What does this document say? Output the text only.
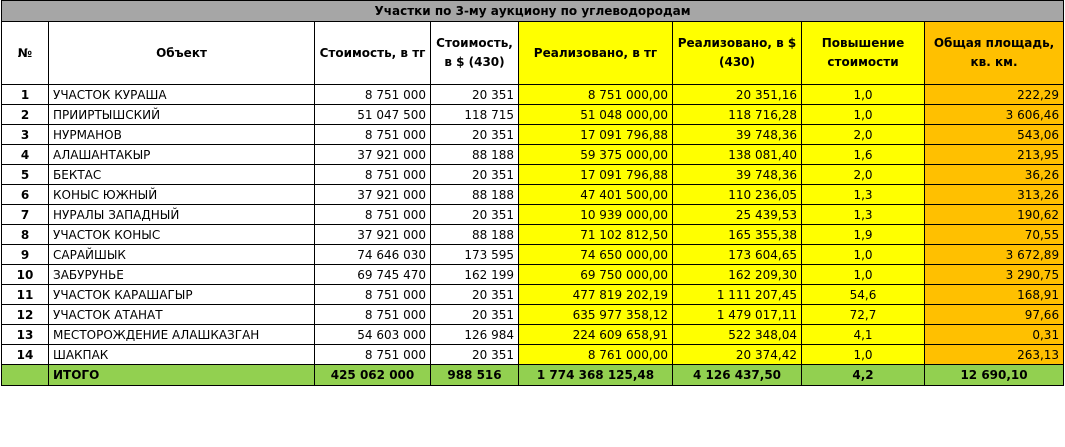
Участки по 3-му аукциону по углеводородам							
№	Объект	Стоимость, в тг	Стоимость, в $ (430)	Реализовано, в тг	Реализовано, в $ (430)	Повышение стоимости	Общая площадь, кв. км.
1	УЧАСТОК КУРАША	8 751 000	20 351	8 751 000,00	20 351,16	1,0	222,29
2	ПРИИРТЫШСКИЙ	51 047 500	118 715	51 048 000,00	118 716,28	1,0	3 606,46
3	НУРМАНОВ	8 751 000	20 351	17 091 796,88	39 748,36	2,0	543,06
4	АЛАШАНТАКЫР	37 921 000	88 188	59 375 000,00	138 081,40	1,6	213,95
5	БЕКТАС	8 751 000	20 351	17 091 796,88	39 748,36	2,0	36,26
6	КОНЫС ЮЖНЫЙ	37 921 000	88 188	47 401 500,00	110 236,05	1,3	313,26
7	НУРАЛЫ ЗАПАДНЫЙ	8 751 000	20 351	10 939 000,00	25 439,53	1,3	190,62
8	УЧАСТОК КОНЫС	37 921 000	88 188	71 102 812,50	165 355,38	1,9	70,55
9	САРАЙШЫК	74 646 030	173 595	74 650 000,00	173 604,65	1,0	3 672,89
10	ЗАБУРУНЬЕ	69 745 470	162 199	69 750 000,00	162 209,30	1,0	3 290,75
11	УЧАСТОК КАРАШАГЫР	8 751 000	20 351	477 819 202,19	1 111 207,45	54,6	168,91
12	УЧАСТОК АТАНАТ	8 751 000	20 351	635 977 358,12	1 479 017,11	72,7	97,66
13	МЕСТОРОЖДЕНИЕ АЛАШКАЗГАН	54 603 000	126 984	224 609 658,91	522 348,04	4,1	0,31
14	ШАКПАК	8 751 000	20 351	8 761 000,00	20 374,42	1,0	263,13
	ИТОГО	425 062 000	988 516	1 774 368 125,48	4 126 437,50	4,2	12 690,10
